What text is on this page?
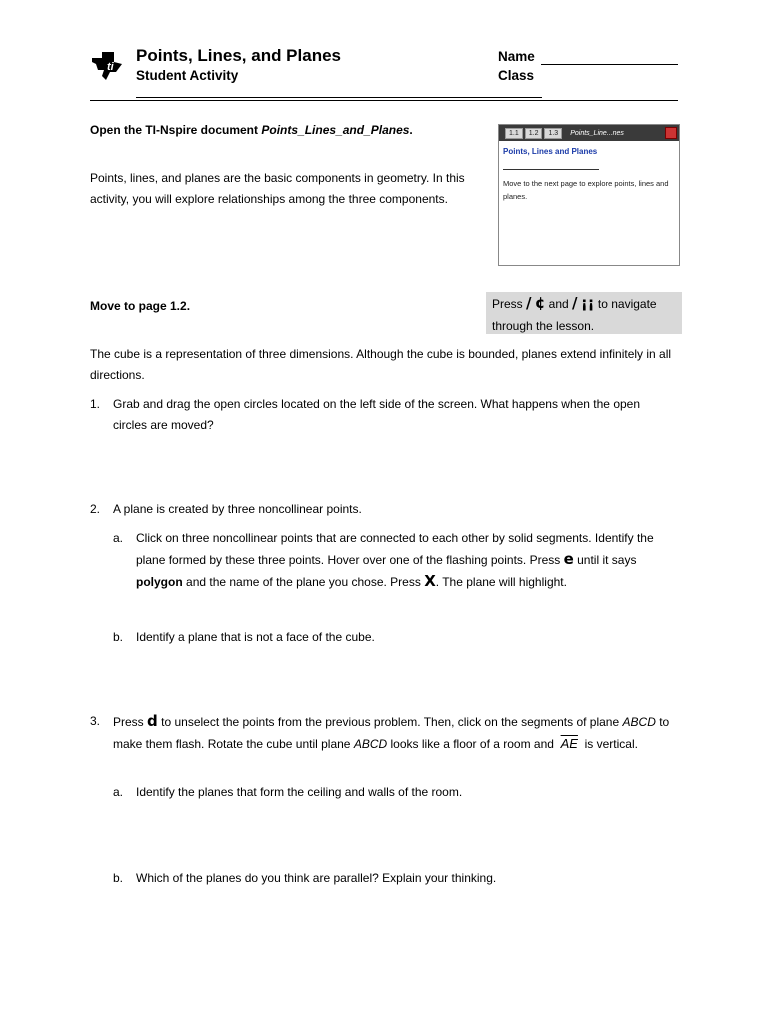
ti
Points, Lines, and Planes
Student Activity
Name
Class
Open the TI-Nspire document Points_Lines_and_Planes.
Points, lines, and planes are the basic components in geometry. In this activity, you will explore relationships among the three components.
1.1	1.2	1.3	Points_Line...nes
Points, Lines and Planes
Move to the next page to explore points, lines and planes.
Move to page 1.2.	Press / ¢ and / ¡¡ to navigate through the lesson.
The cube is a representation of three dimensions. Although the cube is bounded, planes extend infinitely in all directions.
1. Grab and drag the open circles located on the left side of the screen. What happens when the open circles are moved?
2. A plane is created by three noncollinear points.
a. Click on three noncollinear points that are connected to each other by solid segments. Identify the plane formed by these three points. Hover over one of the flashing points. Press e until it says polygon and the name of the plane you chose. Press X. The plane will highlight.
b. Identify a plane that is not a face of the cube.
3. Press d to unselect the points from the previous problem. Then, click on the segments of plane ABCD to make them flash. Rotate the cube until plane ABCD looks like a floor of a room and $\overline{AE}$ is vertical.
a. Identify the planes that form the ceiling and walls of the room.
b. Which of the planes do you think are parallel? Explain your thinking.
